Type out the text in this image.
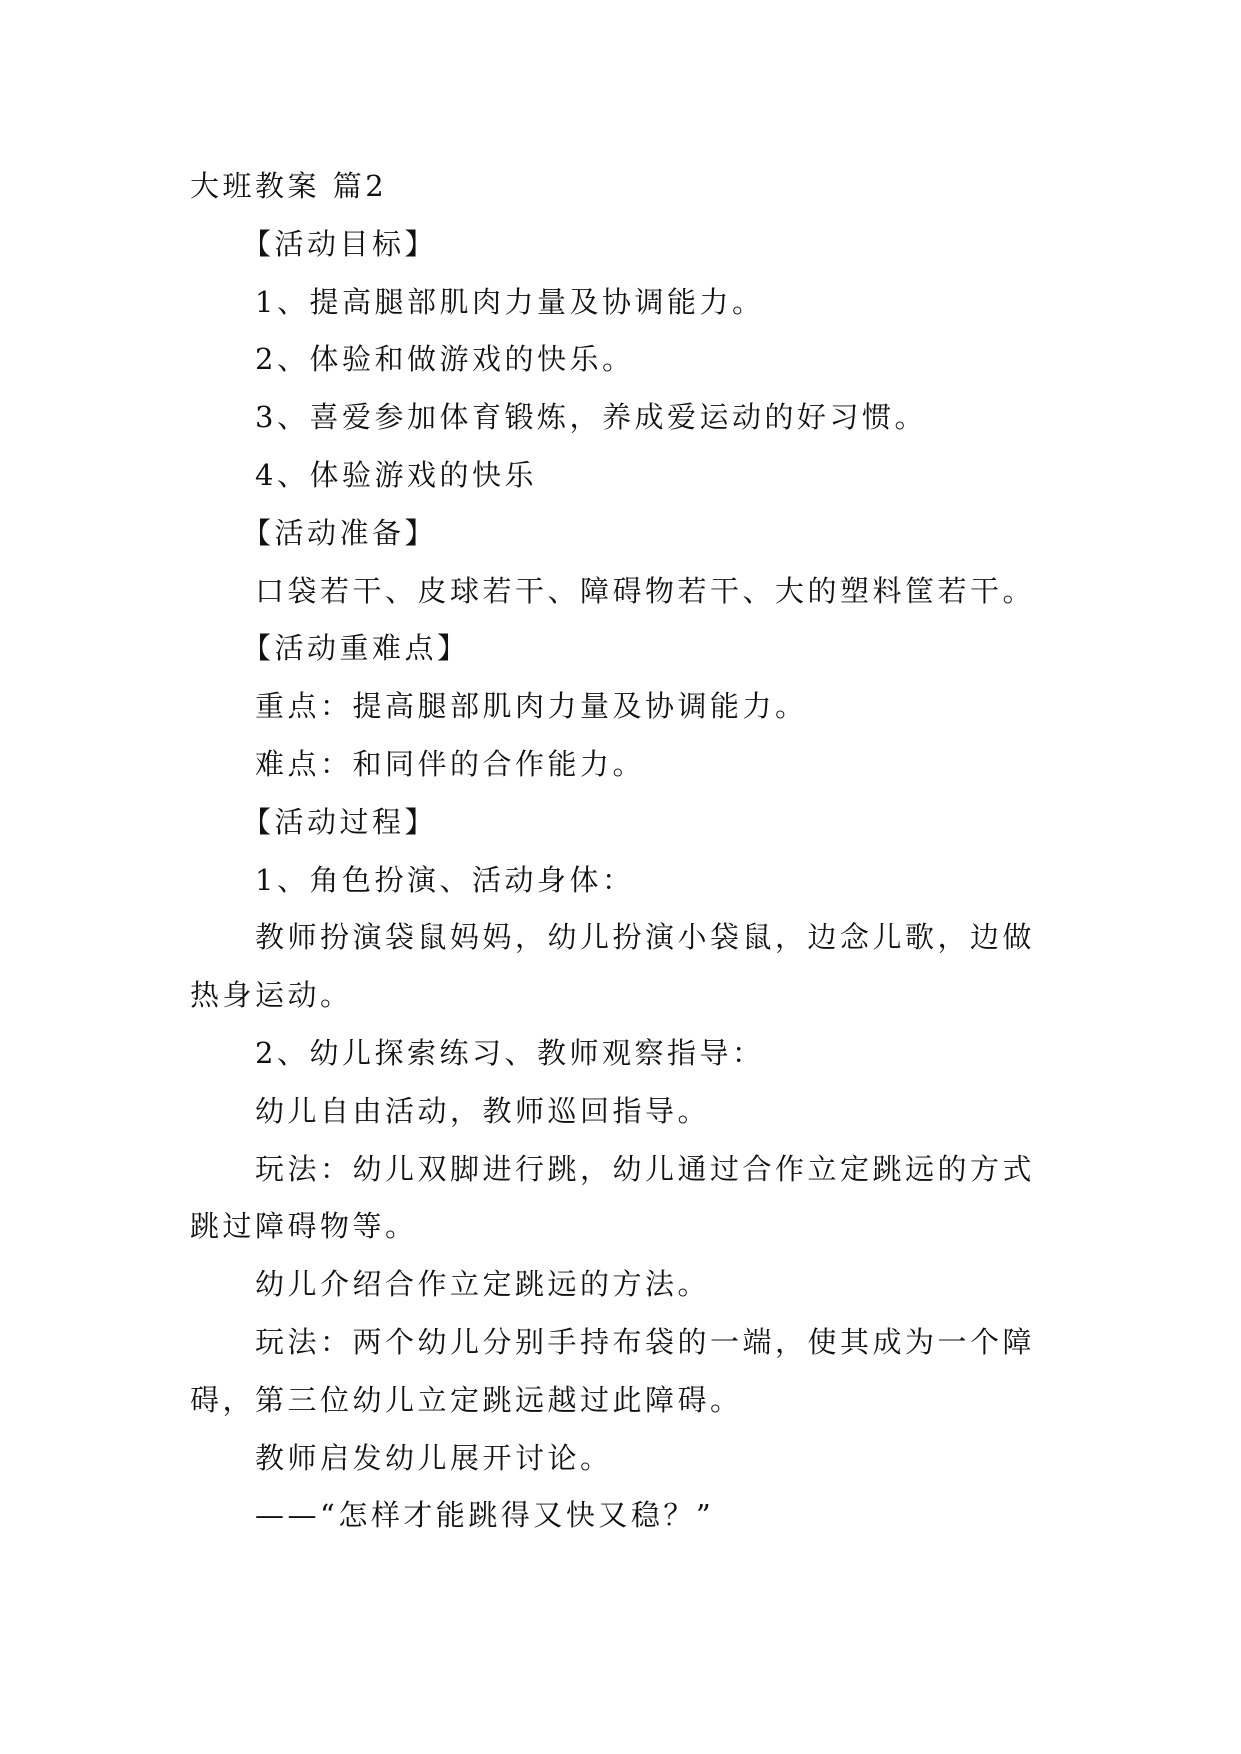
大班教案 篇2
【活动目标】
1、提高腿部肌肉力量及协调能力。
2、体验和做游戏的快乐。
3、喜爱参加体育锻炼，养成爱运动的好习惯。
4、体验游戏的快乐
【活动准备】
口袋若干、皮球若干、障碍物若干、大的塑料筐若干。
【活动重难点】
重点：提高腿部肌肉力量及协调能力。
难点：和同伴的合作能力。
【活动过程】
1、角色扮演、活动身体：
教师扮演袋鼠妈妈，幼儿扮演小袋鼠，边念儿歌，边做热身运动。
2、幼儿探索练习、教师观察指导：
幼儿自由活动，教师巡回指导。
玩法：幼儿双脚进行跳，幼儿通过合作立定跳远的方式跳过障碍物等。
幼儿介绍合作立定跳远的方法。
玩法：两个幼儿分别手持布袋的一端，使其成为一个障碍，第三位幼儿立定跳远越过此障碍。
教师启发幼儿展开讨论。
——“怎样才能跳得又快又稳？”
